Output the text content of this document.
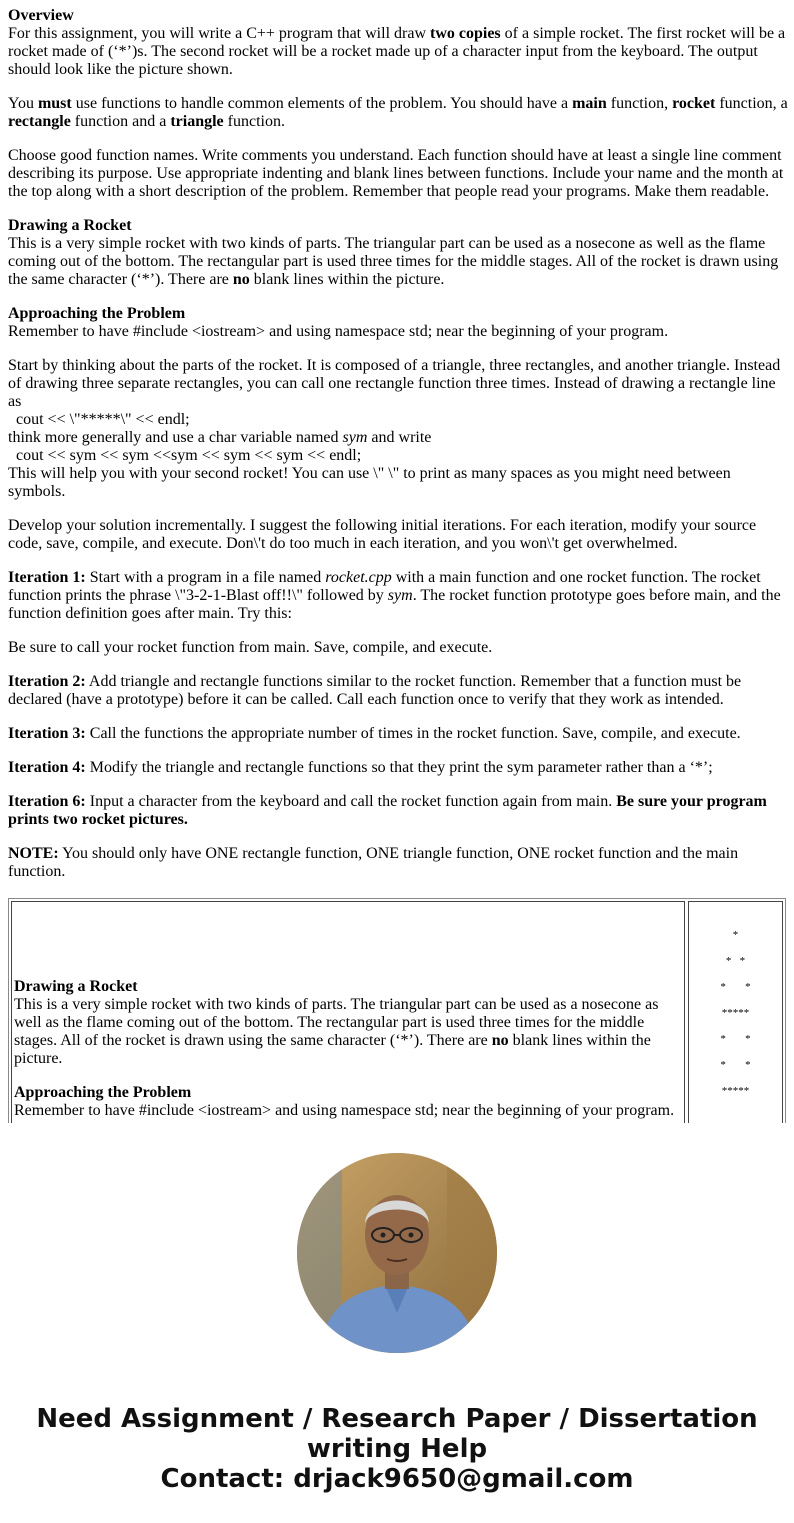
Overview
For this assignment, you will write a C++ program that will draw two copies of a simple rocket. The first rocket will be a rocket made of (‘*’)s. The second rocket will be a rocket made up of a character input from the keyboard. The output should look like the picture shown.

You must use functions to handle common elements of the problem. You should have a main function, rocket function, a rectangle function and a triangle function.

Choose good function names. Write comments you understand. Each function should have at least a single line comment describing its purpose. Use appropriate indenting and blank lines between functions. Include your name and the month at the top along with a short description of the problem. Remember that people read your programs. Make them readable.

Drawing a Rocket
This is a very simple rocket with two kinds of parts. The triangular part can be used as a nosecone as well as the flame coming out of the bottom. The rectangular part is used three times for the middle stages. All of the rocket is drawn using the same character (‘*’). There are no blank lines within the picture.

Approaching the Problem
Remember to have #include <iostream> and using namespace std; near the beginning of your program.

Start by thinking about the parts of the rocket. It is composed of a triangle, three rectangles, and another triangle. Instead of drawing three separate rectangles, you can call one rectangle function three times. Instead of drawing a rectangle line as
cout << \"*****\" << endl;
think more generally and use a char variable named sym and write
cout << sym << sym <<sym << sym << sym << endl;
This will help you with your second rocket! You can use \" \" to print as many spaces as you might need between symbols.

Develop your solution incrementally. I suggest the following initial iterations. For each iteration, modify your source code, save, compile, and execute. Don\'t do too much in each iteration, and you won\'t get overwhelmed.

Iteration 1: Start with a program in a file named rocket.cpp with a main function and one rocket function. The rocket function prints the phrase \"3-2-1-Blast off!!\" followed by sym. The rocket function prototype goes before main, and the function definition goes after main. Try this:

Be sure to call your rocket function from main. Save, compile, and execute.

Iteration 2: Add triangle and rectangle functions similar to the rocket function. Remember that a function must be declared (have a prototype) before it can be called. Call each function once to verify that they work as intended.

Iteration 3: Call the functions the appropriate number of times in the rocket function. Save, compile, and execute.

Iteration 4: Modify the triangle and rectangle functions so that they print the sym parameter rather than a ‘*’;

Iteration 6: Input a character from the keyboard and call the rocket function again from main. Be sure your program prints two rocket pictures.

NOTE: You should only have ONE rectangle function, ONE triangle function, ONE rocket function and the main function.

Drawing a Rocket
This is a very simple rocket with two kinds of parts. The triangular part can be used as a nosecone as well as the flame coming out of the bottom. The rectangular part is used three times for the middle stages. All of the rocket is drawn using the same character (‘*’). There are no blank lines within the picture.
Approaching the Problem
Remember to have #include <iostream> and using namespace std; near the beginning of your program.
*
*   *
*       *
*****
*       *
*       *
*****
Need Assignment / Research Paper / Dissertation
writing Help
Contact: drjack9650@gmail.com
